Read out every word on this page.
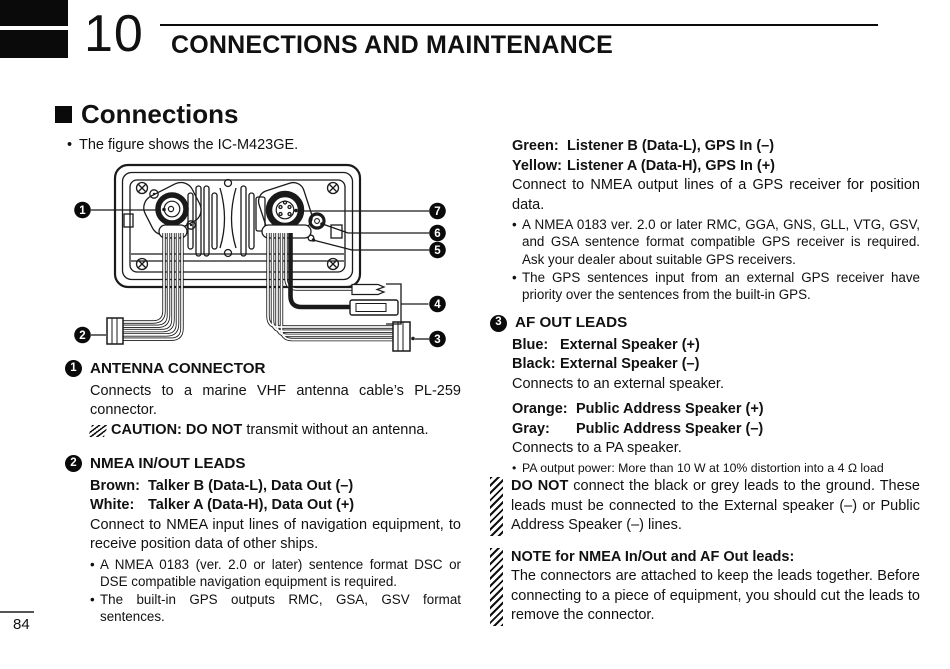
10 CONNECTIONS AND MAINTENANCE
Connections
• The figure shows the IC-M423GE.
1
2	3
4
5
6
7
1 ANTENNA CONNECTOR
Connects to a marine VHF antenna cable’s PL-259 connector.
CAUTION: DO NOT transmit without an antenna.
2 NMEA IN/OUT LEADS
Brown: Talker B (Data-L), Data Out (–)
White: Talker A (Data-H), Data Out (+)
Connect to NMEA input lines of navigation equipment, to receive position data of other ships.
• A NMEA 0183 (ver. 2.0 or later) sentence format DSC or DSE compatible navigation equipment is required.
• The built-in GPS outputs RMC, GSA, GSV format sentences.
Green: Listener B (Data-L), GPS In (–)
Yellow: Listener A (Data-H), GPS In (+)
Connect to NMEA output lines of a GPS receiver for position data.
• A NMEA 0183 ver. 2.0 or later RMC, GGA, GNS, GLL, VTG, GSV, and GSA sentence format compatible GPS receiver is required. Ask your dealer about suitable GPS receivers.
• The GPS sentences input from an external GPS receiver have priority over the sentences from the built-in GPS.
3 AF OUT LEADS
Blue: External Speaker (+)
Black: External Speaker (–)
Connects to an external speaker.
Orange: Public Address Speaker (+)
Gray:	Public Address Speaker (–)
Connects to a PA speaker.
• PA output power: More than 10 W at 10% distortion into a 4 Ω load
DO NOT connect the black or grey leads to the ground. These leads must be connected to the External speaker (–) or Public Address Speaker (–) lines.
NOTE for NMEA In/Out and AF Out leads:
The connectors are attached to keep the leads together. Before connecting to a piece of equipment, you should cut the leads to remove the connector.
84
